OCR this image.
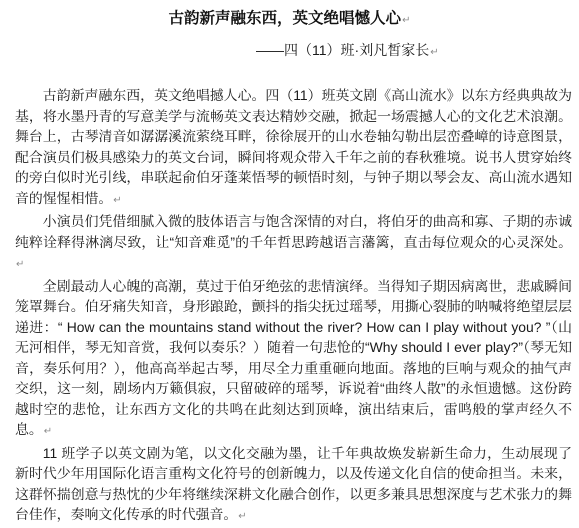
古韵新声融东西，英文绝唱憾人心↵

——四（11）班·刘凡皙家长↵

古韵新声融东西，英文绝唱撼人心。四（11）班英文剧《高山流水》以东方经典典故为基，将水墨丹青的写意美学与流畅英文表达精妙交融，掀起一场震撼人心的文化艺术浪潮。舞台上，古琴清音如潺潺溪流萦绕耳畔，徐徐展开的山水卷轴勾勒出层峦叠嶂的诗意图景，配合演员们极具感染力的英文台词，瞬间将观众带入千年之前的春秋雅境。说书人贯穿始终的旁白似时光引线，串联起俞伯牙蓬莱悟琴的顿悟时刻，与钟子期以琴会友、高山流水遇知音的惺惺相惜。↵

小演员们凭借细腻入微的肢体语言与饱含深情的对白，将伯牙的曲高和寡、子期的赤诚纯粹诠释得淋漓尽致，让“知音难觅”的千年哲思跨越语言藩篱，直击每位观众的心灵深处。↵

全剧最动人心魄的高潮，莫过于伯牙绝弦的悲情演绎。当得知子期因病离世，悲戚瞬间笼罩舞台。伯牙痛失知音，身形踉跄，颤抖的指尖抚过瑶琴，用撕心裂肺的呐喊将绝望层层递进：“ How can the mountains stand without the river? How can I play without you? ”（山无河相伴，琴无知音赏，我何以奏乐？）随着一句悲怆的“Why should I ever play?”（琴无知音，奏乐何用？），他高高举起古琴，用尽全力重重砸向地面。落地的巨响与观众的抽气声交织，这一刻，剧场内万籁俱寂，只留破碎的瑶琴，诉说着“曲终人散”的永恒遗憾。这份跨越时空的悲怆，让东西方文化的共鸣在此刻达到顶峰，演出结束后，雷鸣般的掌声经久不息。↵

11 班学子以英文剧为笔，以文化交融为墨，让千年典故焕发崭新生命力，生动展现了新时代少年用国际化语言重构文化符号的创新魄力，以及传递文化自信的使命担当。未来，这群怀揣创意与热忱的少年将继续深耕文化融合创作，以更多兼具思想深度与艺术张力的舞台佳作，奏响文化传承的时代强音。↵
